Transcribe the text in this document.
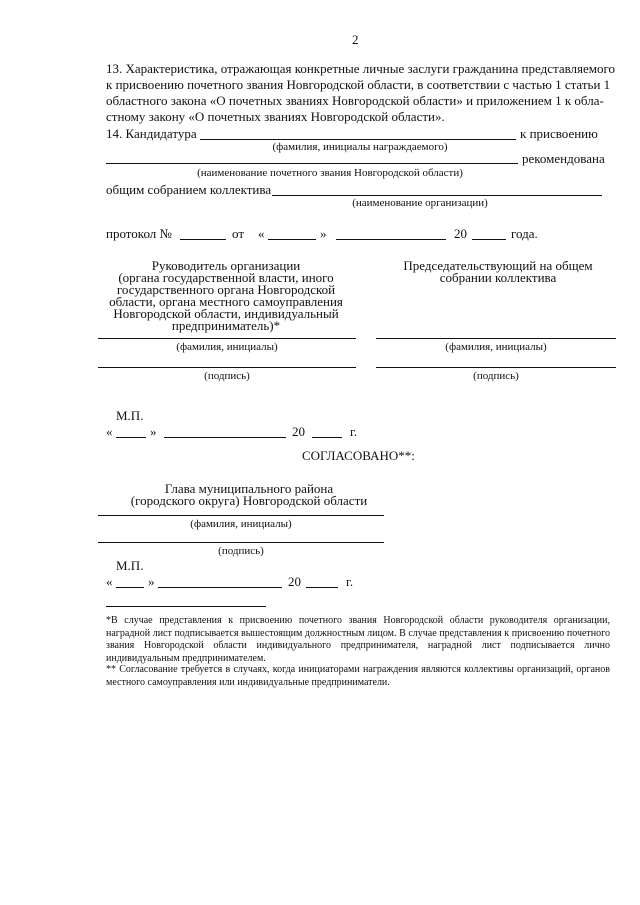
2
13. Характеристика, отражающая конкретные личные заслуги гражданина представляемого
к присвоению почетного звания Новгородской области, в соответствии с частью 1 статьи 1
областного закона «О почетных званиях Новгородской области» и приложением 1 к обла-
стному закону «О почетных званиях Новгородской области».
14. Кандидатура	к присвоению
(фамилия, инициалы награждаемого)
рекомендована
(наименование почетного звания Новгородской области)
общим собранием коллектива
(наименование организации)
протокол №	от «	»	20	года.
Руководитель организации
(органа государственной власти, иного
государственного органа Новгородской
области, органа местного самоуправления
Новгородской области, индивидуальный
предприниматель)*
(фамилия, инициалы)
(подпись)
Председательствующий на общем
собрании коллектива
(фамилия, инициалы)
(подпись)
М.П.
«	»	20	г.
СОГЛАСОВАНО**:
Глава муниципального района
(городского округа) Новгородской области
(фамилия, инициалы)
(подпись)
М.П.
«	»	20	г.
*В случае представления к присвоению почетного звания Новгородской области руководителя организации, наградной лист подписывается вышестоящим должностным лицом. В случае представления к присвоению почетного звания Новгородской области индивидуального предпринимателя, наградной лист подписывается лично индивидуальным предпринимателем.
** Согласование требуется в случаях, когда инициаторами награждения являются коллективы организаций, органов местного самоуправления или индивидуальные предприниматели.
